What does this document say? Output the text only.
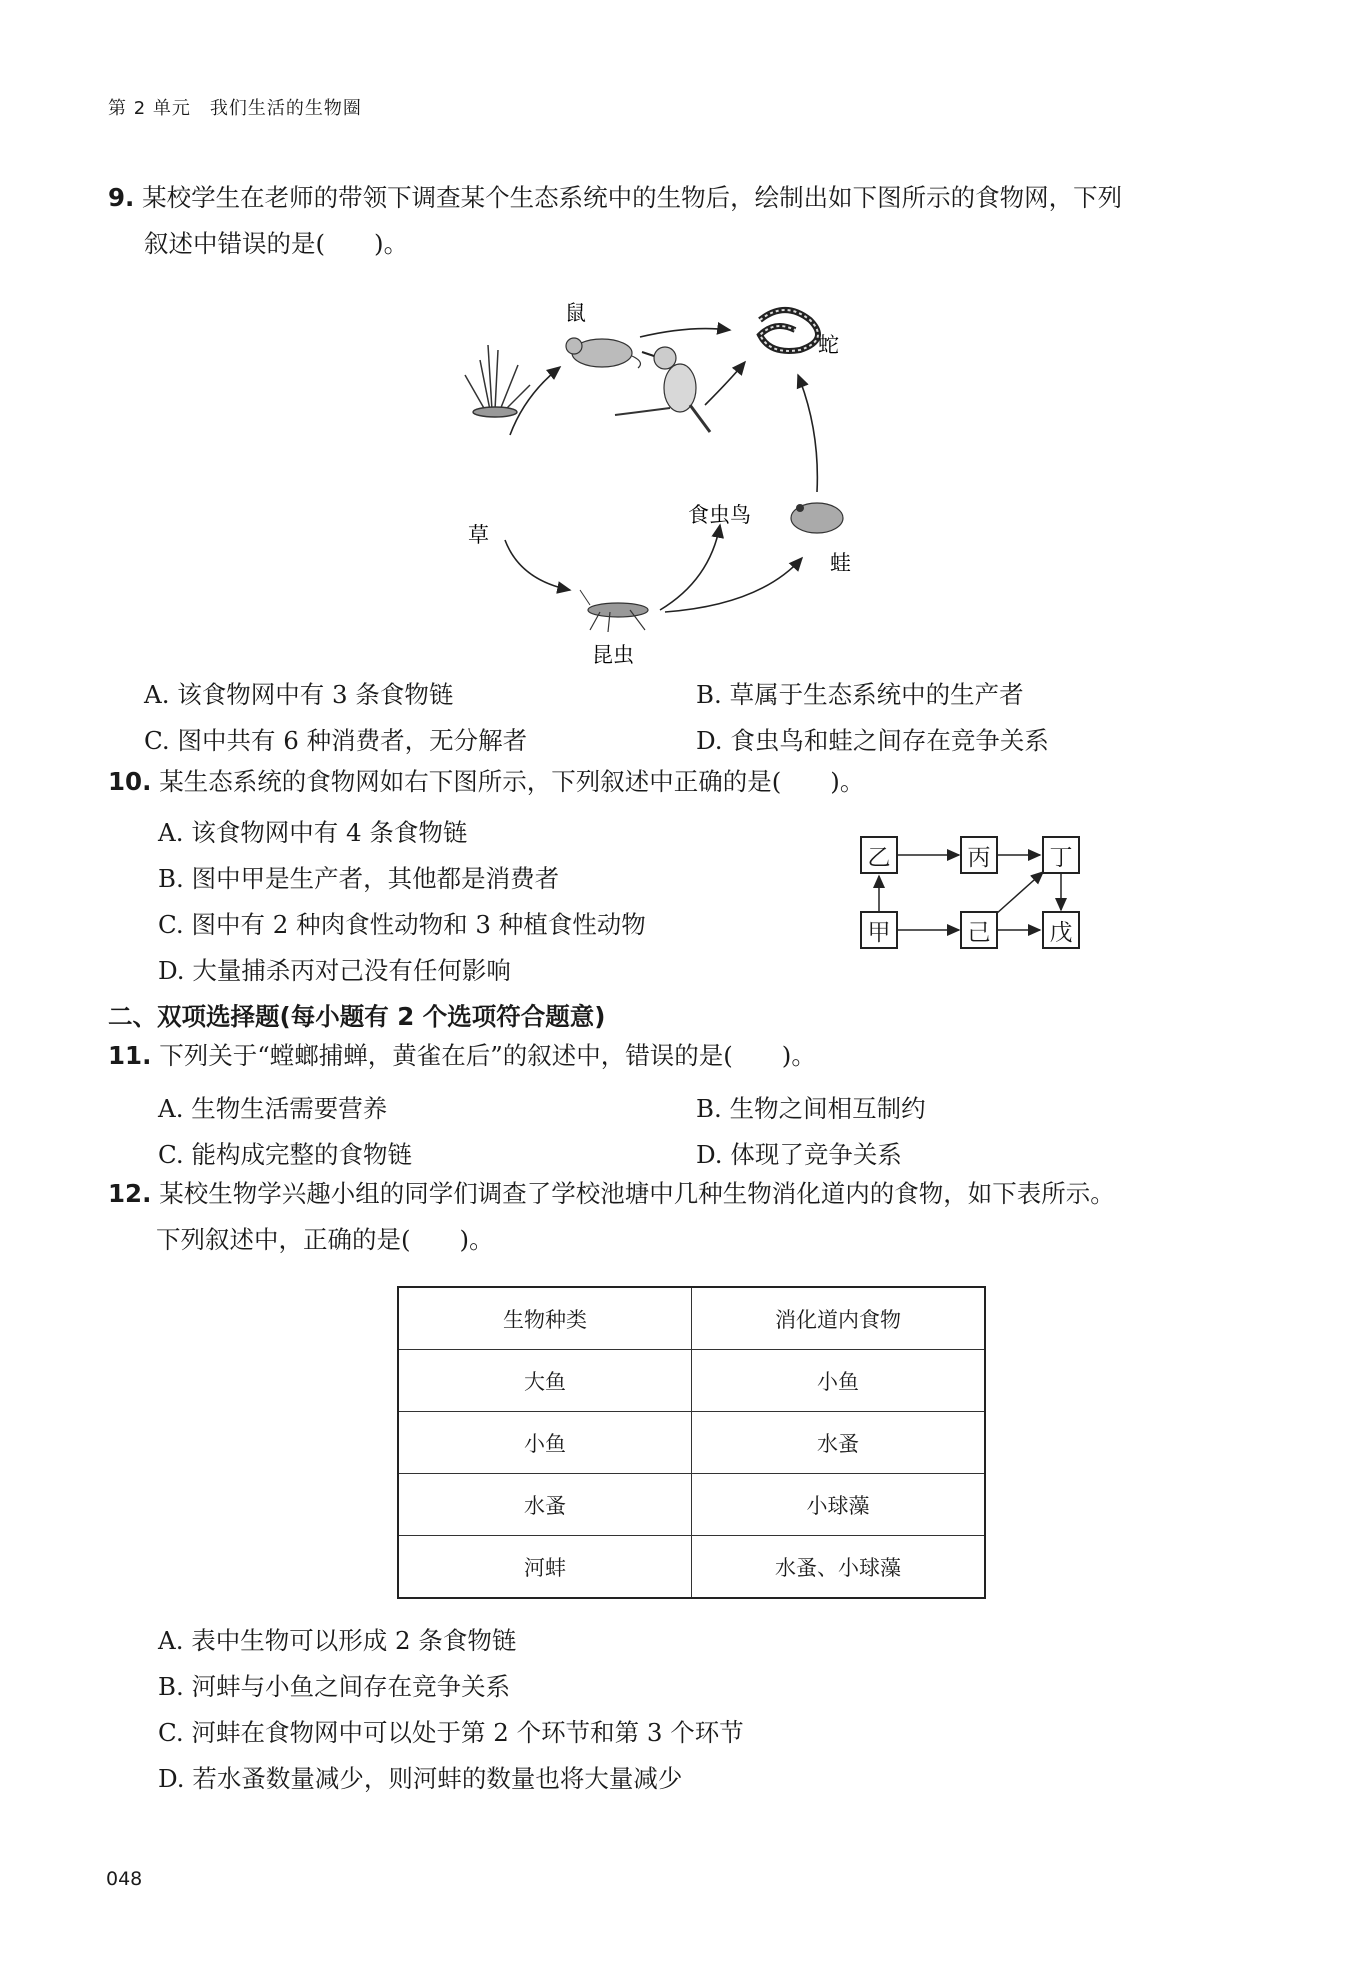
第 2 单元　我们生活的生物圈
9. 某校学生在老师的带领下调查某个生态系统中的生物后，绘制出如下图所示的食物网，下列
叙述中错误的是(　　)。
鼠
蛇
草
食虫鸟
蛙
昆虫
A. 该食物网中有 3 条食物链	B. 草属于生态系统中的生产者
C. 图中共有 6 种消费者，无分解者	D. 食虫鸟和蛙之间存在竞争关系
10. 某生态系统的食物网如右下图所示，下列叙述中正确的是(　　)。
A. 该食物网中有 4 条食物链
B. 图中甲是生产者，其他都是消费者
C. 图中有 2 种肉食性动物和 3 种植食性动物
D. 大量捕杀丙对己没有任何影响
乙	丙	丁
甲	己	戊
二、双项选择题(每小题有 2 个选项符合题意)
11. 下列关于“螳螂捕蝉，黄雀在后”的叙述中，错误的是(　　)。
A. 生物生活需要营养	B. 生物之间相互制约
C. 能构成完整的食物链	D. 体现了竞争关系
12. 某校生物学兴趣小组的同学们调查了学校池塘中几种生物消化道内的食物，如下表所示。
下列叙述中，正确的是(　　)。
生物种类	消化道内食物
大鱼	小鱼
小鱼	水蚤
水蚤	小球藻
河蚌	水蚤、小球藻
A. 表中生物可以形成 2 条食物链
B. 河蚌与小鱼之间存在竞争关系
C. 河蚌在食物网中可以处于第 2 个环节和第 3 个环节
D. 若水蚤数量减少，则河蚌的数量也将大量减少
048
